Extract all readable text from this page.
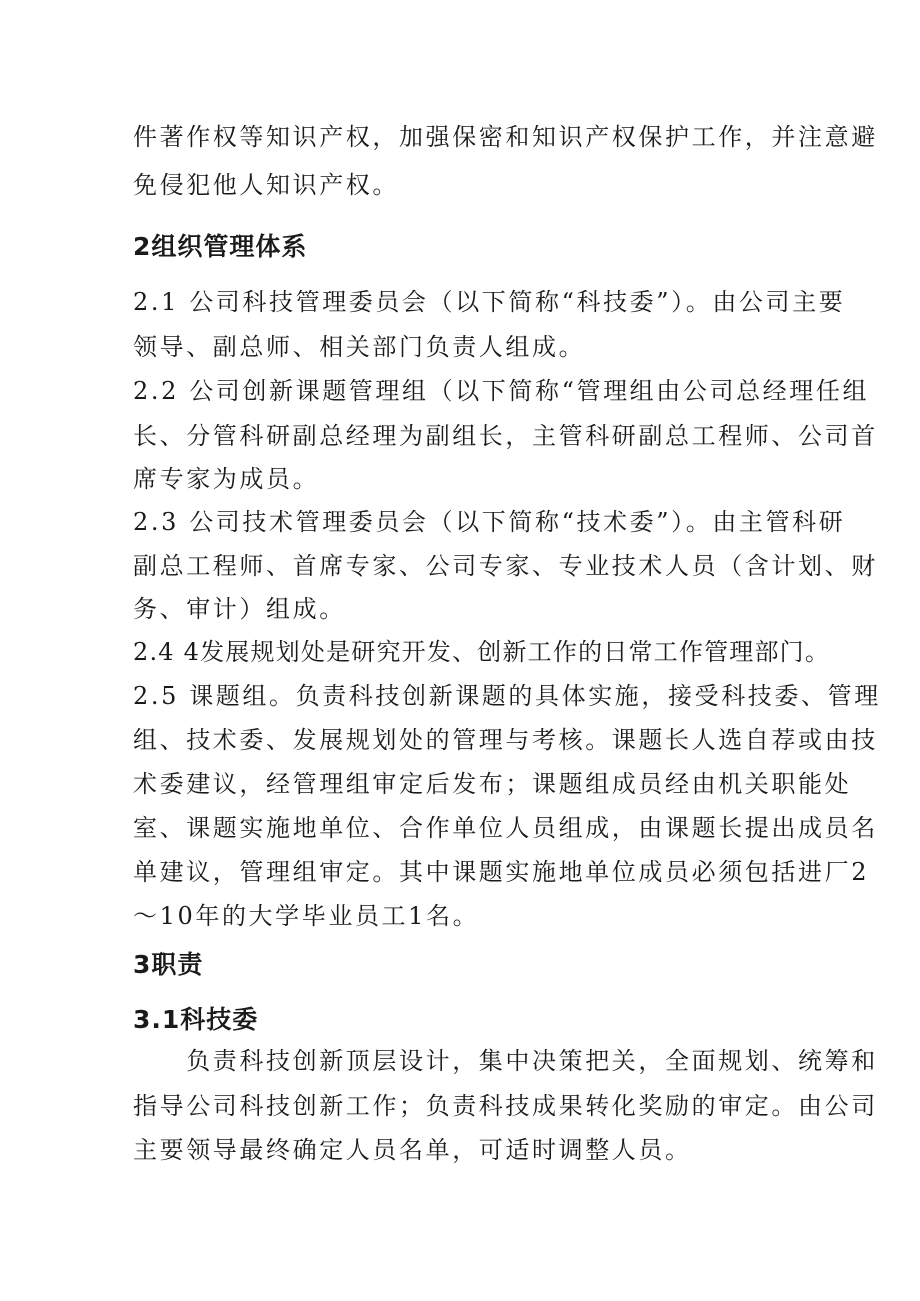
件著作权等知识产权，加强保密和知识产权保护工作，并注意避
免侵犯他人知识产权。
2组织管理体系
2.1 公司科技管理委员会（以下简称“科技委”）。由公司主要
领导、副总师、相关部门负责人组成。
2.2 公司创新课题管理组（以下简称“管理组由公司总经理任组
长、分管科研副总经理为副组长，主管科研副总工程师、公司首
席专家为成员。
2.3 公司技术管理委员会（以下简称“技术委”）。由主管科研
副总工程师、首席专家、公司专家、专业技术人员（含计划、财
务、审计）组成。
2.4 4发展规划处是研究开发、创新工作的日常工作管理部门。
2.5 课题组。负责科技创新课题的具体实施，接受科技委、管理
组、技术委、发展规划处的管理与考核。课题长人选自荐或由技
术委建议，经管理组审定后发布；课题组成员经由机关职能处
室、课题实施地单位、合作单位人员组成，由课题长提出成员名
单建议，管理组审定。其中课题实施地单位成员必须包括进厂2
～10年的大学毕业员工1名。
3职责
3.1科技委
　　负责科技创新顶层设计，集中决策把关，全面规划、统筹和
指导公司科技创新工作；负责科技成果转化奖励的审定。由公司
主要领导最终确定人员名单，可适时调整人员。
